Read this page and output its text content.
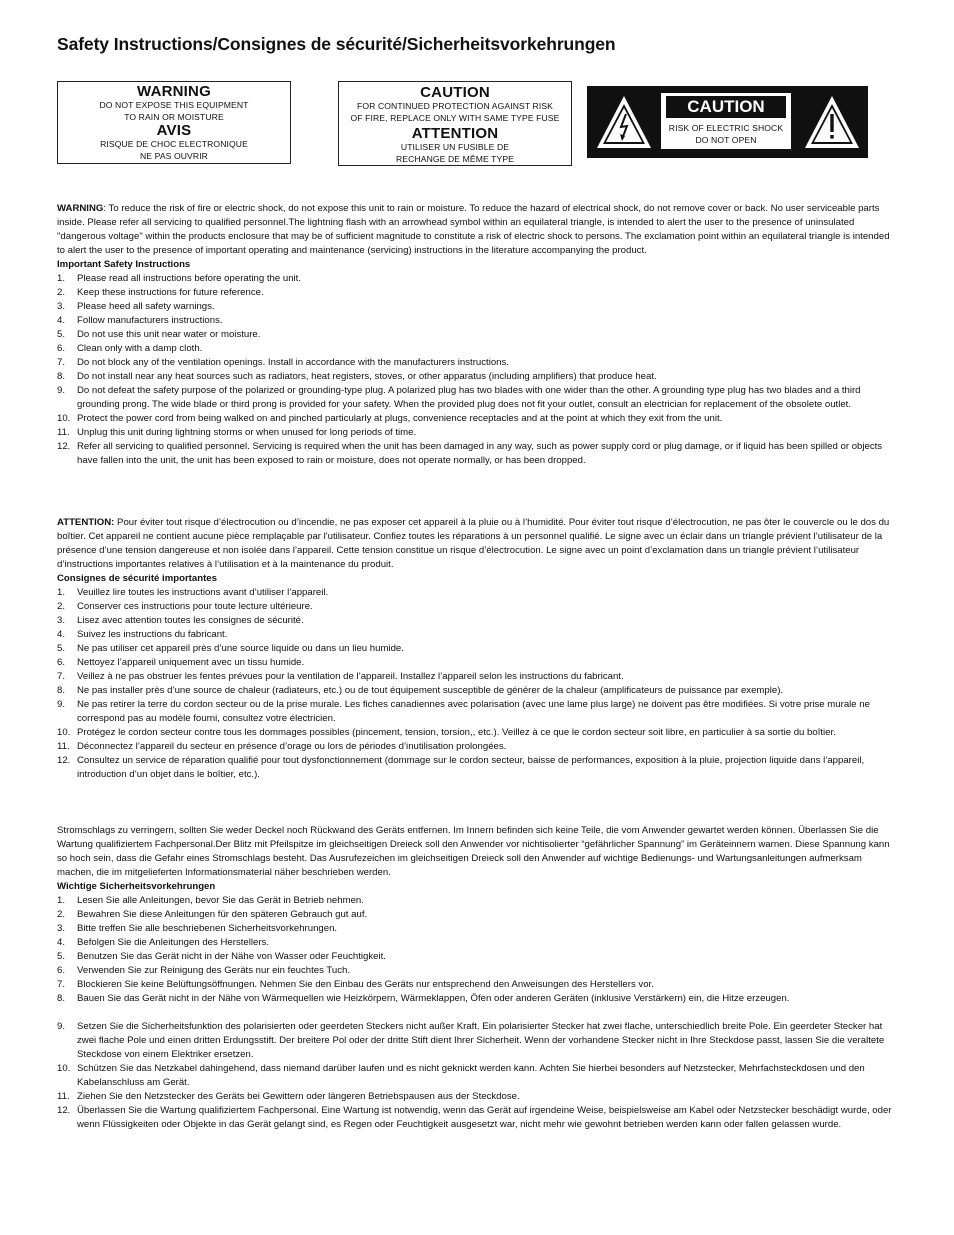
Safety Instructions/Consignes de sécurité/Sicherheitsvorkehrungen
WARNING
DO NOT EXPOSE THIS EQUIPMENT
TO RAIN OR MOISTURE
AVIS
RISQUE DE CHOC ELECTRONIQUE
NE PAS OUVRIR
CAUTION
FOR CONTINUED PROTECTION AGAINST RISK
OF FIRE, REPLACE ONLY WITH SAME TYPE FUSE
ATTENTION
UTILISER UN FUSIBLE DE
RECHANGE DE MÊME TYPE
CAUTION
RISK OF ELECTRIC SHOCK
DO NOT OPEN

WARNING: To reduce the risk of fire or electric shock, do not expose this unit to rain or moisture. To reduce the hazard of electrical shock, do not remove cover or back. No user serviceable parts inside. Please refer all servicing to qualified personnel.The lightning flash with an arrowhead symbol within an equilateral triangle, is intended to alert the user to the presence of uninsulated "dangerous voltage" within the products enclosure that may be of sufficient magnitude to constitute a risk of electric shock to persons. The exclamation point within an equilateral triangle is intended to alert the user to the presence of important operating and maintenance (servicing) instructions in the literature accompanying the product.

Important Safety Instructions

1. Please read all instructions before operating the unit.
2. Keep these instructions for future reference.
3. Please heed all safety warnings.
4. Follow manufacturers instructions.
5. Do not use this unit near water or moisture.
6. Clean only with a damp cloth.
7. Do not block any of the ventilation openings. Install in accordance with the manufacturers instructions.
8. Do not install near any heat sources such as radiators, heat registers, stoves, or other apparatus (including amplifiers) that produce heat.
9. Do not defeat the safety purpose of the polarized or grounding-type plug. A polarized plug has two blades with one wider than the other. A grounding type plug has two blades and a third grounding prong. The wide blade or third prong is provided for your safety. When the provided plug does not fit your outlet, consult an electrician for replacement of the obsolete outlet.
10. Protect the power cord from being walked on and pinched particularly at plugs, convenience receptacles and at the point at which they exit from the unit.
11. Unplug this unit during lightning storms or when unused for long periods of time.
12. Refer all servicing to qualified personnel. Servicing is required when the unit has been damaged in any way, such as power supply cord or plug damage, or if liquid has been spilled or objects have fallen into the unit, the unit has been exposed to rain or moisture, does not operate normally, or has been dropped.

ATTENTION: Pour éviter tout risque d’électrocution ou d’incendie, ne pas exposer cet appareil à la pluie ou à l’humidité. Pour éviter tout risque d’électrocution, ne pas ôter le couvercle ou le dos du boîtier. Cet appareil ne contient aucune pièce remplaçable par l'utilisateur. Confiez toutes les réparations à un personnel qualifié. Le signe avec un éclair dans un triangle prévient l’utilisateur de la présence d’une tension dangereuse et non isolée dans l’appareil. Cette tension constitue un risque d’électrocution. Le signe avec un point d’exclamation dans un triangle prévient l’utilisateur d’instructions importantes relatives à l’utilisation et à la maintenance du produit.

Consignes de sécurité importantes

1. Veuillez lire toutes les instructions avant d’utiliser l’appareil.
2. Conserver ces instructions pour toute lecture ultérieure.
3. Lisez avec attention toutes les consignes de sécurité.
4. Suivez les instructions du fabricant.
5. Ne pas utiliser cet appareil près d’une source liquide ou dans un lieu humide.
6. Nettoyez l’appareil uniquement avec un tissu humide.
7. Veillez à ne pas obstruer les fentes prévues pour la ventilation de l’appareil. Installez l’appareil selon les instructions du fabricant.
8. Ne pas installer près d’une source de chaleur (radiateurs, etc.) ou de tout équipement susceptible de générer de la chaleur (amplificateurs de puissance par exemple).
9. Ne pas retirer la terre du cordon secteur ou de la prise murale. Les fiches canadiennes avec polarisation (avec une lame plus large) ne doivent pas être modifiées. Si votre prise murale ne correspond pas au modèle fourni, consultez votre électricien.
10. Protégez le cordon secteur contre tous les dommages possibles (pincement, tension, torsion,, etc.). Veillez à ce que le cordon secteur soit libre, en particulier à sa sortie du boîtier.
11. Déconnectez l’appareil du secteur en présence d’orage ou lors de périodes d’inutilisation prolongées.
12. Consultez un service de réparation qualifié pour tout dysfonctionnement (dommage sur le cordon secteur, baisse de performances, exposition à la pluie, projection liquide dans l’appareil, introduction d’un objet dans le boîtier, etc.).

Stromschlags zu verringern, sollten Sie weder Deckel noch Rückwand des Geräts entfernen. Im Innern befinden sich keine Teile, die vom Anwender gewartet werden können. Überlassen Sie die Wartung qualifiziertem Fachpersonal.Der Blitz mit Pfeilspitze im gleichseitigen Dreieck soll den Anwender vor nichtisolierter “gefährlicher Spannung” im Geräteinnern warnen. Diese Spannung kann so hoch sein, dass die Gefahr eines Stromschlags besteht. Das Ausrufezeichen im gleichseitigen Dreieck soll den Anwender auf wichtige Bedienungs- und Wartungsanleitungen aufmerksam machen, die im mitgelieferten Informationsmaterial näher beschrieben werden.

Wichtige Sicherheitsvorkehrungen

1. Lesen Sie alle Anleitungen, bevor Sie das Gerät in Betrieb nehmen.
2. Bewahren Sie diese Anleitungen für den späteren Gebrauch gut auf.
3. Bitte treffen Sie alle beschriebenen Sicherheitsvorkehrungen.
4. Befolgen Sie die Anleitungen des Herstellers.
5. Benutzen Sie das Gerät nicht in der Nähe von Wasser oder Feuchtigkeit.
6. Verwenden Sie zur Reinigung des Geräts nur ein feuchtes Tuch.
7. Blockieren Sie keine Belüftungsöffnungen. Nehmen Sie den Einbau des Geräts nur entsprechend den Anweisungen des Herstellers vor.
8. Bauen Sie das Gerät nicht in der Nähe von Wärmequellen wie Heizkörpern, Wärmeklappen, Öfen oder anderen Geräten (inklusive Verstärkern) ein, die Hitze erzeugen.
9. Setzen Sie die Sicherheitsfunktion des polarisierten oder geerdeten Steckers nicht außer Kraft. Ein polarisierter Stecker hat zwei flache, unterschiedlich breite Pole. Ein geerdeter Stecker hat zwei flache Pole und einen dritten Erdungsstift. Der breitere Pol oder der dritte Stift dient Ihrer Sicherheit. Wenn der vorhandene Stecker nicht in Ihre Steckdose passt, lassen Sie die veraltete Steckdose von einem Elektriker ersetzen.
10. Schützen Sie das Netzkabel dahingehend, dass niemand darüber laufen und es nicht geknickt werden kann. Achten Sie hierbei besonders auf Netzstecker, Mehrfachsteckdosen und den Kabelanschluss am Gerät.
11. Ziehen Sie den Netzstecker des Geräts bei Gewittern oder längeren Betriebspausen aus der Steckdose.
12. Überlassen Sie die Wartung qualifiziertem Fachpersonal. Eine Wartung ist notwendig, wenn das Gerät auf irgendeine Weise, beispielsweise am Kabel oder Netzstecker beschädigt wurde, oder wenn Flüssigkeiten oder Objekte in das Gerät gelangt sind, es Regen oder Feuchtigkeit ausgesetzt war, nicht mehr wie gewohnt betrieben werden kann oder fallen gelassen wurde.
